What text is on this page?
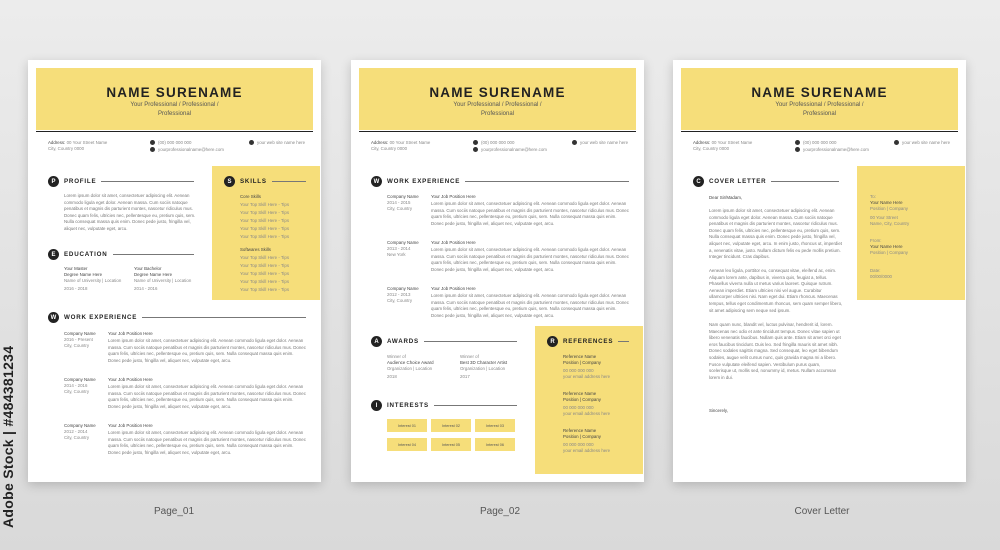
NAME SURENAME
Your Professional / Professional /
Professional
Address: 00 Your Street Name
City, Country 0000
(00) 000 000 000
yourprofessionalname@here.com
your web site name here
P	PROFILE
Lorem ipsum dolor sit amet, consectetuer adipiscing elit. Aenean commodo ligula eget dolor. Aenean massa. Cum sociis natoque penatibus et magnis dis parturient montes, nascetur ridiculus mus. Donec quam felis, ultricies nec, pellentesque eu, pretium quis, sem. Nulla consequat massa quis enim. Donec pede justo, fringilla vel, aliquet nec, vulputate eget, arcu.
S	SKILLS
Core Skills
Your Top Skill Here - Tips
Your Top Skill Here - Tips
Your Top Skill Here - Tips
Your Top Skill Here - Tips
Your Top Skill Here - Tips
Softwares Skills
Your Top Skill Here - Tips
Your Top Skill Here - Tips
Your Top Skill Here - Tips
Your Top Skill Here - Tips
Your Top Skill Here - Tips
E	EDUCATION
Your Master
Degree Name Here
Name of University | Location
2016 - 2018
Your Bachelor
Degree Name Here
Name of University | Location
2014 - 2016
W	WORK EXPERIENCE
Company Name
2016 - Present
City, Country
Your Job Position Here
Lorem ipsum dolor sit amet, consectetuer adipiscing elit. Aenean commodo ligula eget dolor. Aenean massa. Cum sociis natoque penatibus et magnis dis parturient montes, nascetur ridiculus mus. Donec quam felis, ultricies nec, pellentesque eu, pretium quis, sem. Nulla consequat massa quis enim. Donec pede justo, fringilla vel, aliquet nec, vulputate eget, arcu.
Company Name
2014 - 2016
City, Country
Your Job Position Here
Lorem ipsum dolor sit amet, consectetuer adipiscing elit. Aenean commodo ligula eget dolor. Aenean massa. Cum sociis natoque penatibus et magnis dis parturient montes, nascetur ridiculus mus. Donec quam felis, ultricies nec, pellentesque eu, pretium quis, sem. Nulla consequat massa quis enim. Donec pede justo, fringilla vel, aliquet nec, vulputate eget, arcu.
Company Name
2012 - 2014
City, Country
Your Job Position Here
Lorem ipsum dolor sit amet, consectetuer adipiscing elit. Aenean commodo ligula eget dolor. Aenean massa. Cum sociis natoque penatibus et magnis dis parturient montes, nascetur ridiculus mus. Donec quam felis, ultricies nec, pellentesque eu, pretium quis, sem. Nulla consequat massa quis enim. Donec pede justo, fringilla vel, aliquet nec, vulputate eget, arcu.
NAME SURENAME
Your Professional / Professional /
Professional
Address: 00 Your Street Name
City, Country 0000
(00) 000 000 000
yourprofessionalname@here.com
your web site name here
W	WORK EXPERIENCE
Company Name
2014 - 2015
City, Country
Your Job Position Here
Lorem ipsum dolor sit amet, consectetuer adipiscing elit. Aenean commodo ligula eget dolor. Aenean massa. Cum sociis natoque penatibus et magnis dis parturient montes, nascetur ridiculus mus. Donec quam felis, ultricies nec, pellentesque eu, pretium quis, sem. Nulla consequat massa quis enim. Donec pede justo, fringilla vel, aliquet nec, vulputate eget, arcu.
Company Name
2013 - 2014
New York
Your Job Position Here
Lorem ipsum dolor sit amet, consectetuer adipiscing elit. Aenean commodo ligula eget dolor. Aenean massa. Cum sociis natoque penatibus et magnis dis parturient montes, nascetur ridiculus mus. Donec quam felis, ultricies nec, pellentesque eu, pretium quis, sem. Nulla consequat massa quis enim. Donec pede justo, fringilla vel, aliquet nec, vulputate eget, arcu.
Company Name
2012 - 2013
City, Country
Your Job Position Here
Lorem ipsum dolor sit amet, consectetuer adipiscing elit. Aenean commodo ligula eget dolor. Aenean massa. Cum sociis natoque penatibus et magnis dis parturient montes, nascetur ridiculus mus. Donec quam felis, ultricies nec, pellentesque eu, pretium quis, sem. Nulla consequat massa quis enim. Donec pede justo, fringilla vel, aliquet nec, vulputate eget, arcu.
A	AWARDS
Winner of
Audience Choice Award
Organization | Location
2018
Winner of
Best 3D Character Artist
Organization | Location
2017
I	INTERESTS
Interest 01	Interest 02	Interest 03
Interest 04	Interest 05	Interest 06
R	REFERENCES
Reference Name
Position | Company
00 000 000 000
your email address here
Reference Name
Position | Company
00 000 000 000
your email address here
Reference Name
Position | Company
00 000 000 000
your email address here
NAME SURENAME
Your Professional / Professional /
Professional
Address: 00 Your Street Name
City, Country 0000
(00) 000 000 000
yourprofessionalname@here.com
your web site name here
C	COVER LETTER
Dear Sir/Madam,
Lorem ipsum dolor sit amet, consectetuer adipiscing elit. Aenean commodo ligula eget dolor. Aenean massa. Cum sociis natoque penatibus et magnis dis parturient montes, nascetur ridiculus mus. Donec quam felis, ultricies nec, pellentesque eu, pretium quis, sem. Nulla consequat massa quis enim. Donec pede justo, fringilla vel, aliquet nec, vulputate eget, arcu. In enim justo, rhoncus ut, imperdiet a, venenatis vitae, justo. Nullam dictum felis eu pede mollis pretium. Integer tincidunt. Cras dapibus.
Aenean leo ligula, porttitor eu, consequat vitae, eleifend ac, enim. Aliquam lorem ante, dapibus in, viverra quis, feugiat a, tellus. Phasellus viverra nulla ut metus varius laoreet. Quisque rutrum. Aenean imperdiet. Etiam ultricies nisi vel augue. Curabitur ullamcorper ultricies nisi. Nam eget dui. Etiam rhoncus. Maecenas tempus, tellus eget condimentum rhoncus, sem quam semper libero, sit amet adipiscing sem neque sed ipsum.
Nam quam nunc, blandit vel, luctus pulvinar, hendrerit id, lorem. Maecenas nec odio et ante tincidunt tempus. Donec vitae sapien ut libero venenatis faucibus. Nullam quis ante. Etiam sit amet orci eget eros faucibus tincidunt. Duis leo. Sed fringilla mauris sit amet nibh. Donec sodales sagittis magna. Sed consequat, leo eget bibendum sodales, augue velit cursus nunc, quis gravida magna mi a libero. Fusce vulputate eleifend sapien. Vestibulum purus quam, scelerisque ut, mollis sed, nonummy id, metus. Nullam accumsan lorem in dui.
Sincerely,
To:
Your Name Here
Position | Company
00 Your Street
Name, City, Country
From:
Your Name Here
Position | Company
Date:
00/00/0000
Page_01	Page_02	Cover Letter
Adobe Stock | #484381234
